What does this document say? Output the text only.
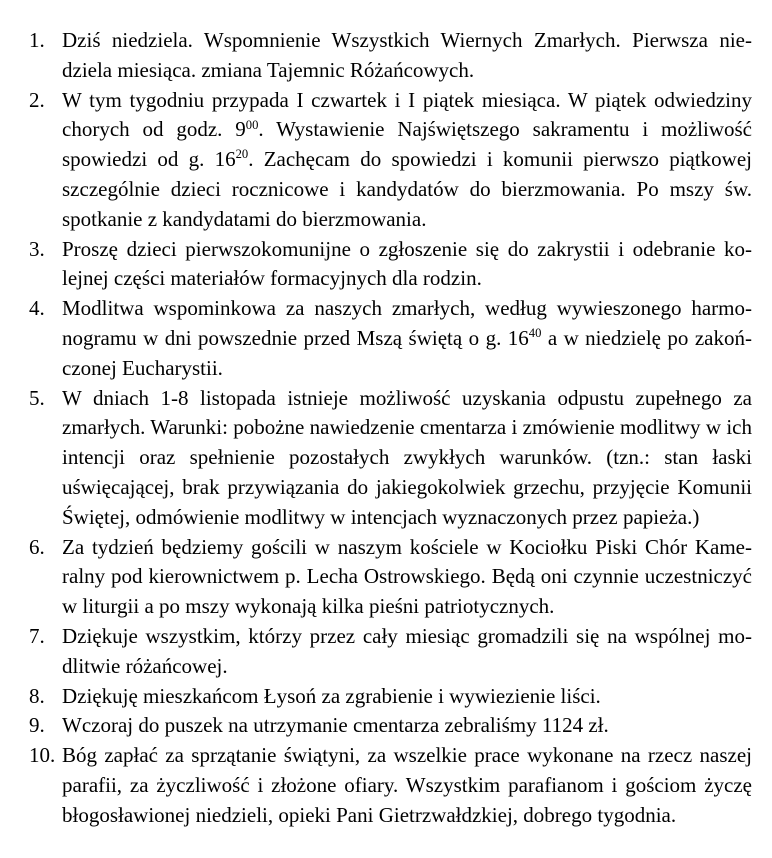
1. Dziś niedziela. Wspomnienie Wszystkich Wiernych Zmarłych. Pierwsza niedziela miesiąca. zmiana Tajemnic Różańcowych.

2. W tym tygodniu przypada I czwartek i I piątek miesiąca. W piątek odwiedziny chorych od godz. $9^{00}$. Wystawienie Najświętszego sakramentu i możliwość spowiedzi od g. $16^{20}$. Zachęcam do spowiedzi i komunii pierwszo piątkowej szczególnie dzieci rocznicowe i kandydatów do bierzmowania. Po mszy św. spotkanie z kandydatami do bierzmowania.

3. Proszę dzieci pierwszokomunijne o zgłoszenie się do zakrystii i odebranie kolejnej części materiałów formacyjnych dla rodzin.

4. Modlitwa wspominkowa za naszych zmarłych, według wywieszonego harmonogramu w dni powszednie przed Mszą świętą o g. $16^{40}$ a w niedzielę po zakończonej Eucharystii.

5. W dniach 1-8 listopada istnieje możliwość uzyskania odpustu zupełnego za zmarłych. Warunki: pobożne nawiedzenie cmentarza i zmówienie modlitwy w ich intencji oraz spełnienie pozostałych zwykłych warunków. (tzn.: stan łaski uświęcającej, brak przywiązania do jakiegokolwiek grzechu, przyjęcie Komunii Świętej, odmówienie modlitwy w intencjach wyznaczonych przez papieża.)

6. Za tydzień będziemy gościli w naszym kościele w Kociołku Piski Chór Kameralny pod kierownictwem p. Lecha Ostrowskiego. Będą oni czynnie uczestniczyć w liturgii a po mszy wykonają kilka pieśni patriotycznych.

7. Dziękuje wszystkim, którzy przez cały miesiąc gromadzili się na wspólnej modlitwie różańcowej.

8. Dziękuję mieszkańcom Łysoń za zgrabienie i wywiezienie liści.

9. Wczoraj do puszek na utrzymanie cmentarza zebraliśmy 1124 zł.

10. Bóg zapłać za sprzątanie świątyni, za wszelkie prace wykonane na rzecz naszej parafii, za życzliwość i złożone ofiary. Wszystkim parafianom i gościom życzę błogosławionej niedzieli, opieki Pani Gietrzwałdzkiej, dobrego tygodnia.
